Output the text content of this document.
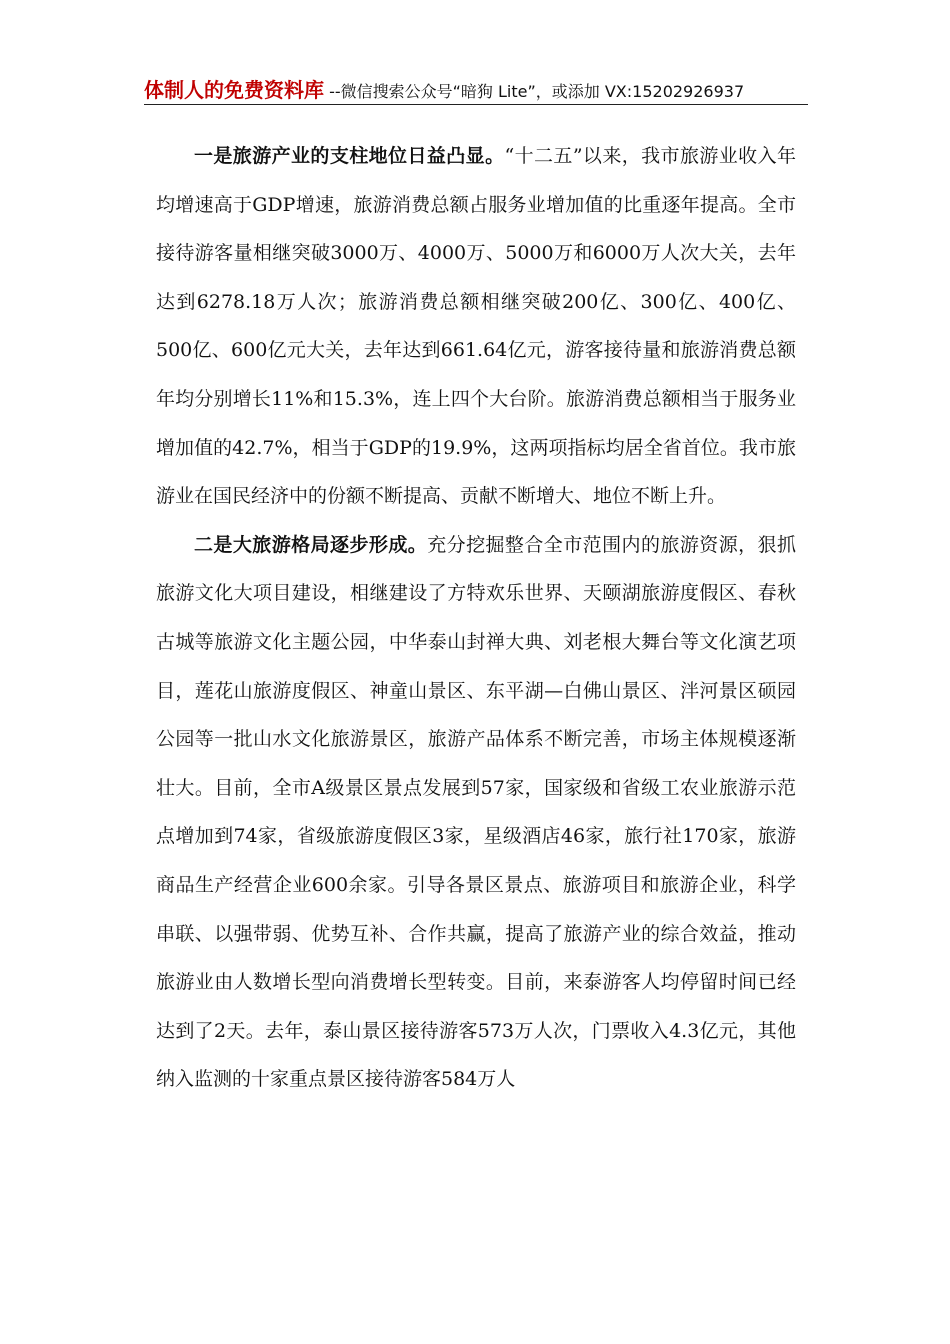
体制人的免费资料库 --微信搜索公众号“暗狗 Lite”，或添加 VX:15202926937

一是旅游产业的支柱地位日益凸显。“十二五”以来，我市旅游业收入年均增速高于GDP增速，旅游消费总额占服务业增加值的比重逐年提高。全市接待游客量相继突破3000万、4000万、5000万和6000万人次大关，去年达到6278.18万人次；旅游消费总额相继突破200亿、300亿、400亿、500亿、600亿元大关，去年达到661.64亿元，游客接待量和旅游消费总额年均分别增长11%和15.3%，连上四个大台阶。旅游消费总额相当于服务业增加值的42.7%，相当于GDP的19.9%，这两项指标均居全省首位。我市旅游业在国民经济中的份额不断提高、贡献不断增大、地位不断上升。

二是大旅游格局逐步形成。充分挖掘整合全市范围内的旅游资源，狠抓旅游文化大项目建设，相继建设了方特欢乐世界、天颐湖旅游度假区、春秋古城等旅游文化主题公园，中华泰山封禅大典、刘老根大舞台等文化演艺项目，莲花山旅游度假区、神童山景区、东平湖—白佛山景区、泮河景区硕园公园等一批山水文化旅游景区，旅游产品体系不断完善，市场主体规模逐渐壮大。目前，全市A级景区景点发展到57家，国家级和省级工农业旅游示范点增加到74家，省级旅游度假区3家，星级酒店46家，旅行社170家，旅游商品生产经营企业600余家。引导各景区景点、旅游项目和旅游企业，科学串联、以强带弱、优势互补、合作共赢，提高了旅游产业的综合效益，推动旅游业由人数增长型向消费增长型转变。目前，来泰游客人均停留时间已经达到了2天。去年，泰山景区接待游客573万人次，门票收入4.3亿元，其他纳入监测的十家重点景区接待游客584万人
